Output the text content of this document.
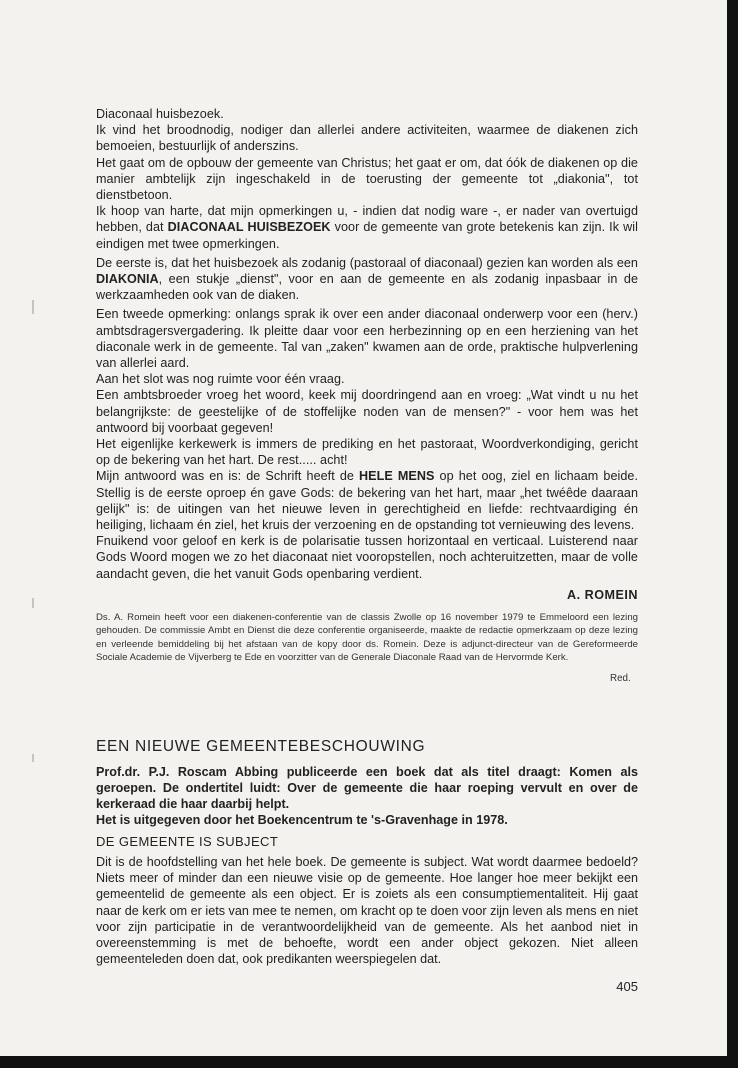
Diaconaal huisbezoek.

Ik vind het broodnodig, nodiger dan allerlei andere activiteiten, waarmee de diakenen zich bemoeien, bestuurlijk of anderszins.

Het gaat om de opbouw der gemeente van Christus; het gaat er om, dat óók de diakenen op die manier ambtelijk zijn ingeschakeld in de toerusting der gemeente tot „diakonia", tot dienstbetoon.

Ik hoop van harte, dat mijn opmerkingen u, - indien dat nodig ware -, er nader van overtuigd hebben, dat DIACONAAL HUISBEZOEK voor de gemeente van grote betekenis kan zijn. Ik wil eindigen met twee opmerkingen.

De eerste is, dat het huisbezoek als zodanig (pastoraal of diaconaal) gezien kan worden als een DIAKONIA, een stukje „dienst", voor en aan de gemeente en als zodanig inpasbaar in de werkzaamheden ook van de diaken.

Een tweede opmerking: onlangs sprak ik over een ander diaconaal onderwerp voor een (herv.) ambtsdragersvergadering. Ik pleitte daar voor een herbezinning op en een herziening van het diaconale werk in de gemeente. Tal van „zaken" kwamen aan de orde, praktische hulpverlening van allerlei aard.

Aan het slot was nog ruimte voor één vraag.

Een ambtsbroeder vroeg het woord, keek mij doordringend aan en vroeg: „Wat vindt u nu het belangrijkste: de geestelijke of de stoffelijke noden van de mensen?" - voor hem was het antwoord bij voorbaat gegeven!

Het eigenlijke kerkewerk is immers de prediking en het pastoraat, Woordverkondiging, gericht op de bekering van het hart. De rest..... acht!

Mijn antwoord was en is: de Schrift heeft de HELE MENS op het oog, ziel en lichaam beide. Stellig is de eerste oproep én gave Gods: de bekering van het hart, maar „het twéêde daaraan gelijk" is: de uitingen van het nieuwe leven in gerechtigheid en liefde: rechtvaardiging én heiliging, lichaam én ziel, het kruis der verzoening en de opstanding tot vernieuwing des levens.

Fnuikend voor geloof en kerk is de polarisatie tussen horizontaal en verticaal. Luisterend naar Gods Woord mogen we zo het diaconaat niet vooropstellen, noch achteruitzetten, maar de volle aandacht geven, die het vanuit Gods openbaring verdient.

A. ROMEIN
Ds. A. Romein heeft voor een diakenen-conferentie van de classis Zwolle op 16 november 1979 te Emmeloord een lezing gehouden. De commissie Ambt en Dienst die deze conferentie organiseerde, maakte de redactie opmerkzaam op deze lezing en verleende bemiddeling bij het afstaan van de kopy door ds. Romein. Deze is adjunct-directeur van de Gereformeerde Sociale Academie de Vijverberg te Ede en voorzitter van de Generale Diaconale Raad van de Hervormde Kerk.
Red.
EEN NIEUWE GEMEENTEBESCHOUWING

Prof.dr. P.J. Roscam Abbing publiceerde een boek dat als titel draagt: Komen als geroepen. De ondertitel luidt: Over de gemeente die haar roeping vervult en over de kerkeraad die haar daarbij helpt.

Het is uitgegeven door het Boekencentrum te 's-Gravenhage in 1978.

DE GEMEENTE IS SUBJECT

Dit is de hoofdstelling van het hele boek. De gemeente is subject. Wat wordt daarmee bedoeld? Niets meer of minder dan een nieuwe visie op de gemeente. Hoe langer hoe meer bekijkt een gemeentelid de gemeente als een object. Er is zoiets als een consumptiementaliteit. Hij gaat naar de kerk om er iets van mee te nemen, om kracht op te doen voor zijn leven als mens en niet voor zijn participatie in de verantwoordelijkheid van de gemeente. Als het aanbod niet in overeenstemming is met de behoefte, wordt een ander object gekozen. Niet alleen gemeenteleden doen dat, ook predikanten weerspiegelen dat.

405
